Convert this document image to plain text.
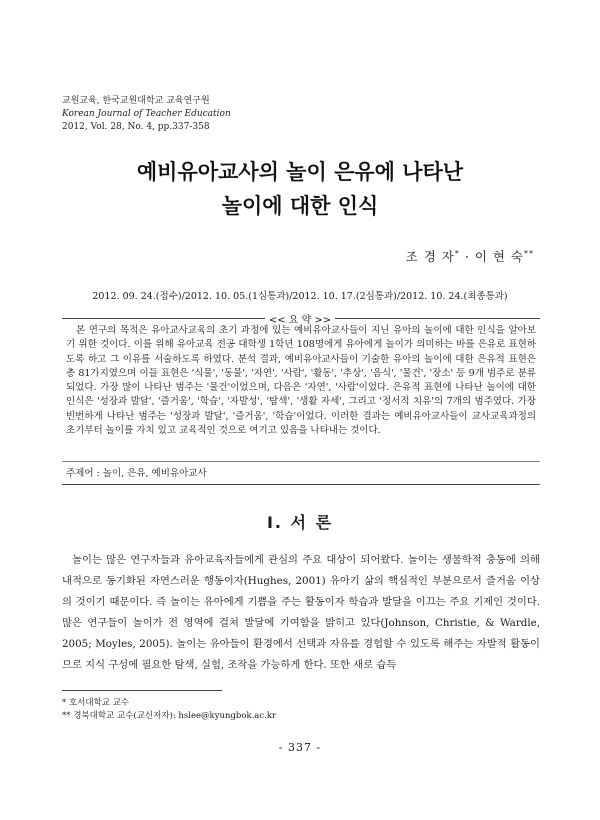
교원교육, 한국교원대학교 교육연구원
Korean Journal of Teacher Education
2012, Vol. 28, No. 4, pp.337-358
예비유아교사의 놀이 은유에 나타난
놀이에 대한 인식
조 경 자* · 이 현 숙**
2012. 09. 24.(접수)/2012. 10. 05.(1심통과)/2012. 10. 17.(2심통과)/2012. 10. 24.(최종통과)
<< 요 약 >>
본 연구의 목적은 유아교사교육의 초기 과정에 있는 예비유아교사들이 지닌 유아의 놀이에 대한 인식을 알아보기 위한 것이다. 이를 위해 유아교육 전공 대학생 1학년 108명에게 유아에게 놀이가 의미하는 바를 은유로 표현하도록 하고 그 이유를 서술하도록 하였다. 분석 결과, 예비유아교사들이 기술한 유아의 놀이에 대한 은유적 표현은 총 81가지였으며 이들 표현은 '식물', '동물', '자연', '사람', '활동', '추상', '음식', '물건', '장소' 등 9개 범주로 분류되었다. 가장 많이 나타난 범주는 '물건'이었으며, 다음은 '자연', '사람'이었다. 은유적 표현에 나타난 놀이에 대한 인식은 '성장과 발달', '즐거움', '학습', '자발성', '탐색', '생활 자세', 그리고 '정서적 치유'의 7개의 범주였다. 가장 빈번하게 나타난 범주는 '성장과 발달', '즐거움', '학습'이었다. 이러한 결과는 예비유아교사들이 교사교육과정의 초기부터 놀이를 가치 있고 교육적인 것으로 여기고 있음을 나타내는 것이다.
주제어 : 놀이, 은유, 예비유아교사
Ⅰ. 서 론
놀이는 많은 연구자들과 유아교육자들에게 관심의 주요 대상이 되어왔다. 놀이는 생물학적 충동에 의해 내적으로 동기화된 자연스러운 행동이자(Hughes, 2001) 유아기 삶의 핵심적인 부분으로서 즐거움 이상의 것이기 때문이다. 즉 놀이는 유아에게 기쁨을 주는 활동이자 학습과 발달을 이끄는 주요 기제인 것이다. 많은 연구들이 놀이가 전 영역에 걸쳐 발달에 기여함을 밝히고 있다(Johnson, Christie, & Wardle, 2005; Moyles, 2005). 놀이는 유아들이 환경에서 선택과 자유를 경험할 수 있도록 해주는 자발적 활동이므로 지식 구성에 필요한 탐색, 실험, 조작을 가능하게 한다. 또한 새로 습득
* 호서대학교 교수
** 경북대학교 교수(교신저자): hslee@kyungbok.ac.kr
- 337 -
